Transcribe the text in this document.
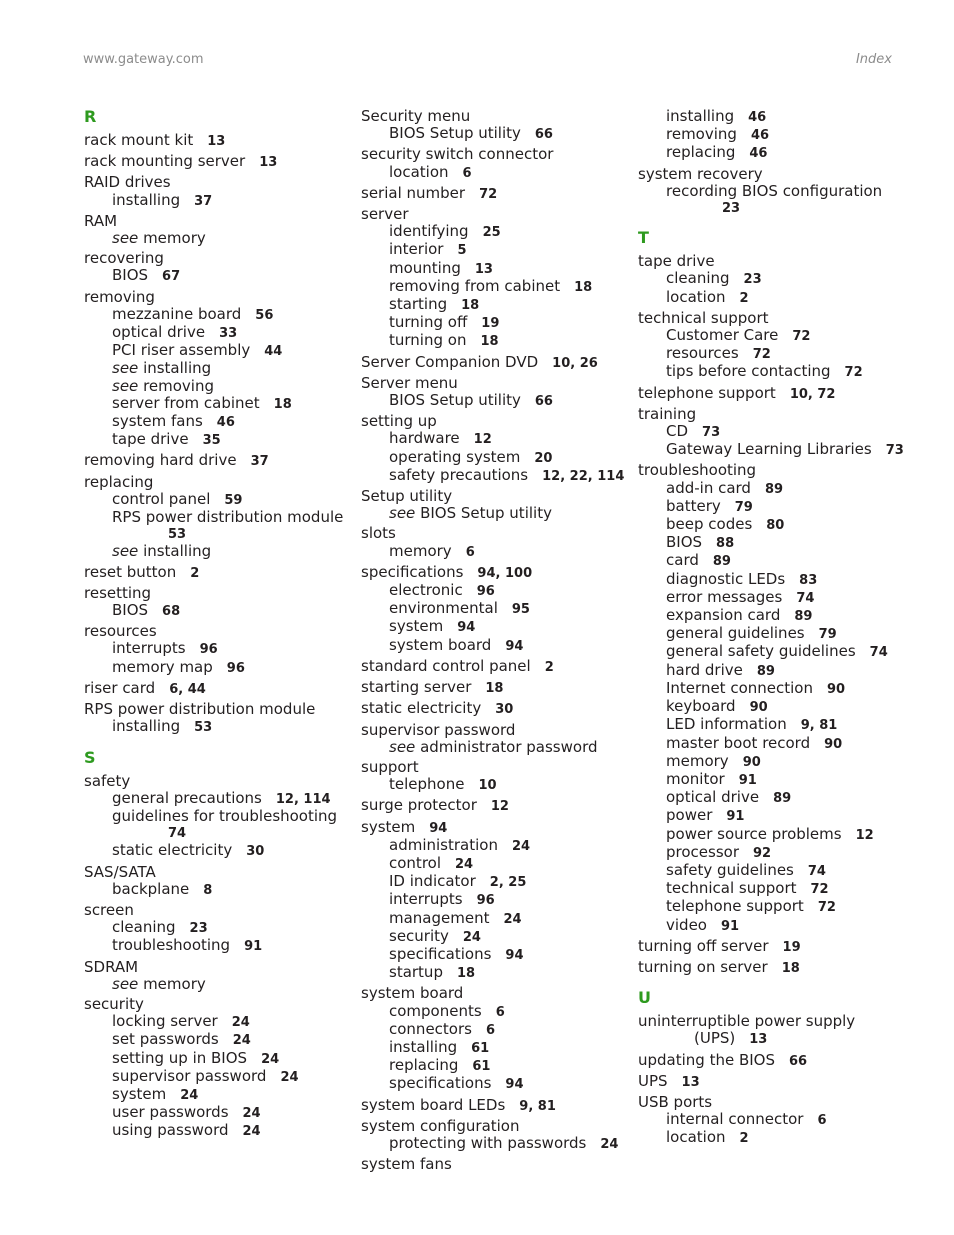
www.gateway.com	Index
R
rack mount kit 13
rack mounting server 13
RAID drives
installing 37
RAM
see memory
recovering
BIOS 67
removing
mezzanine board 56
optical drive 33
PCI riser assembly 44
see installing
see removing
server from cabinet 18
system fans 46
tape drive 35
removing hard drive 37
replacing
control panel 59
RPS power distribution module
53
see installing
reset button 2
resetting
BIOS 68
resources
interrupts 96
memory map 96
riser card 6, 44
RPS power distribution module
installing 53
S
safety
general precautions 12, 114
guidelines for troubleshooting
74
static electricity 30
SAS/SATA
backplane 8
screen
cleaning 23
troubleshooting 91
SDRAM
see memory
security
locking server 24
set passwords 24
setting up in BIOS 24
supervisor password 24
system 24
user passwords 24
using password 24
Security menu
BIOS Setup utility 66
security switch connector
location 6
serial number 72
server
identifying 25
interior 5
mounting 13
removing from cabinet 18
starting 18
turning off 19
turning on 18
Server Companion DVD 10, 26
Server menu
BIOS Setup utility 66
setting up
hardware 12
operating system 20
safety precautions 12, 22, 114
Setup utility
see BIOS Setup utility
slots
memory 6
specifications 94, 100
electronic 96
environmental 95
system 94
system board 94
standard control panel 2
starting server 18
static electricity 30
supervisor password
see administrator password
support
telephone 10
surge protector 12
system 94
administration 24
control 24
ID indicator 2, 25
interrupts 96
management 24
security 24
specifications 94
startup 18
system board
components 6
connectors 6
installing 61
replacing 61
specifications 94
system board LEDs 9, 81
system configuration
protecting with passwords 24
system fans
installing 46
removing 46
replacing 46
system recovery
recording BIOS configuration
23
T
tape drive
cleaning 23
location 2
technical support
Customer Care 72
resources 72
tips before contacting 72
telephone support 10, 72
training
CD 73
Gateway Learning Libraries 73
troubleshooting
add-in card 89
battery 79
beep codes 80
BIOS 88
card 89
diagnostic LEDs 83
error messages 74
expansion card 89
general guidelines 79
general safety guidelines 74
hard drive 89
Internet connection 90
keyboard 90
LED information 9, 81
master boot record 90
memory 90
monitor 91
optical drive 89
power 91
power source problems 12
processor 92
safety guidelines 74
technical support 72
telephone support 72
video 91
turning off server 19
turning on server 18
U
uninterruptible power supply
(UPS) 13
updating the BIOS 66
UPS 13
USB ports
internal connector 6
location 2
